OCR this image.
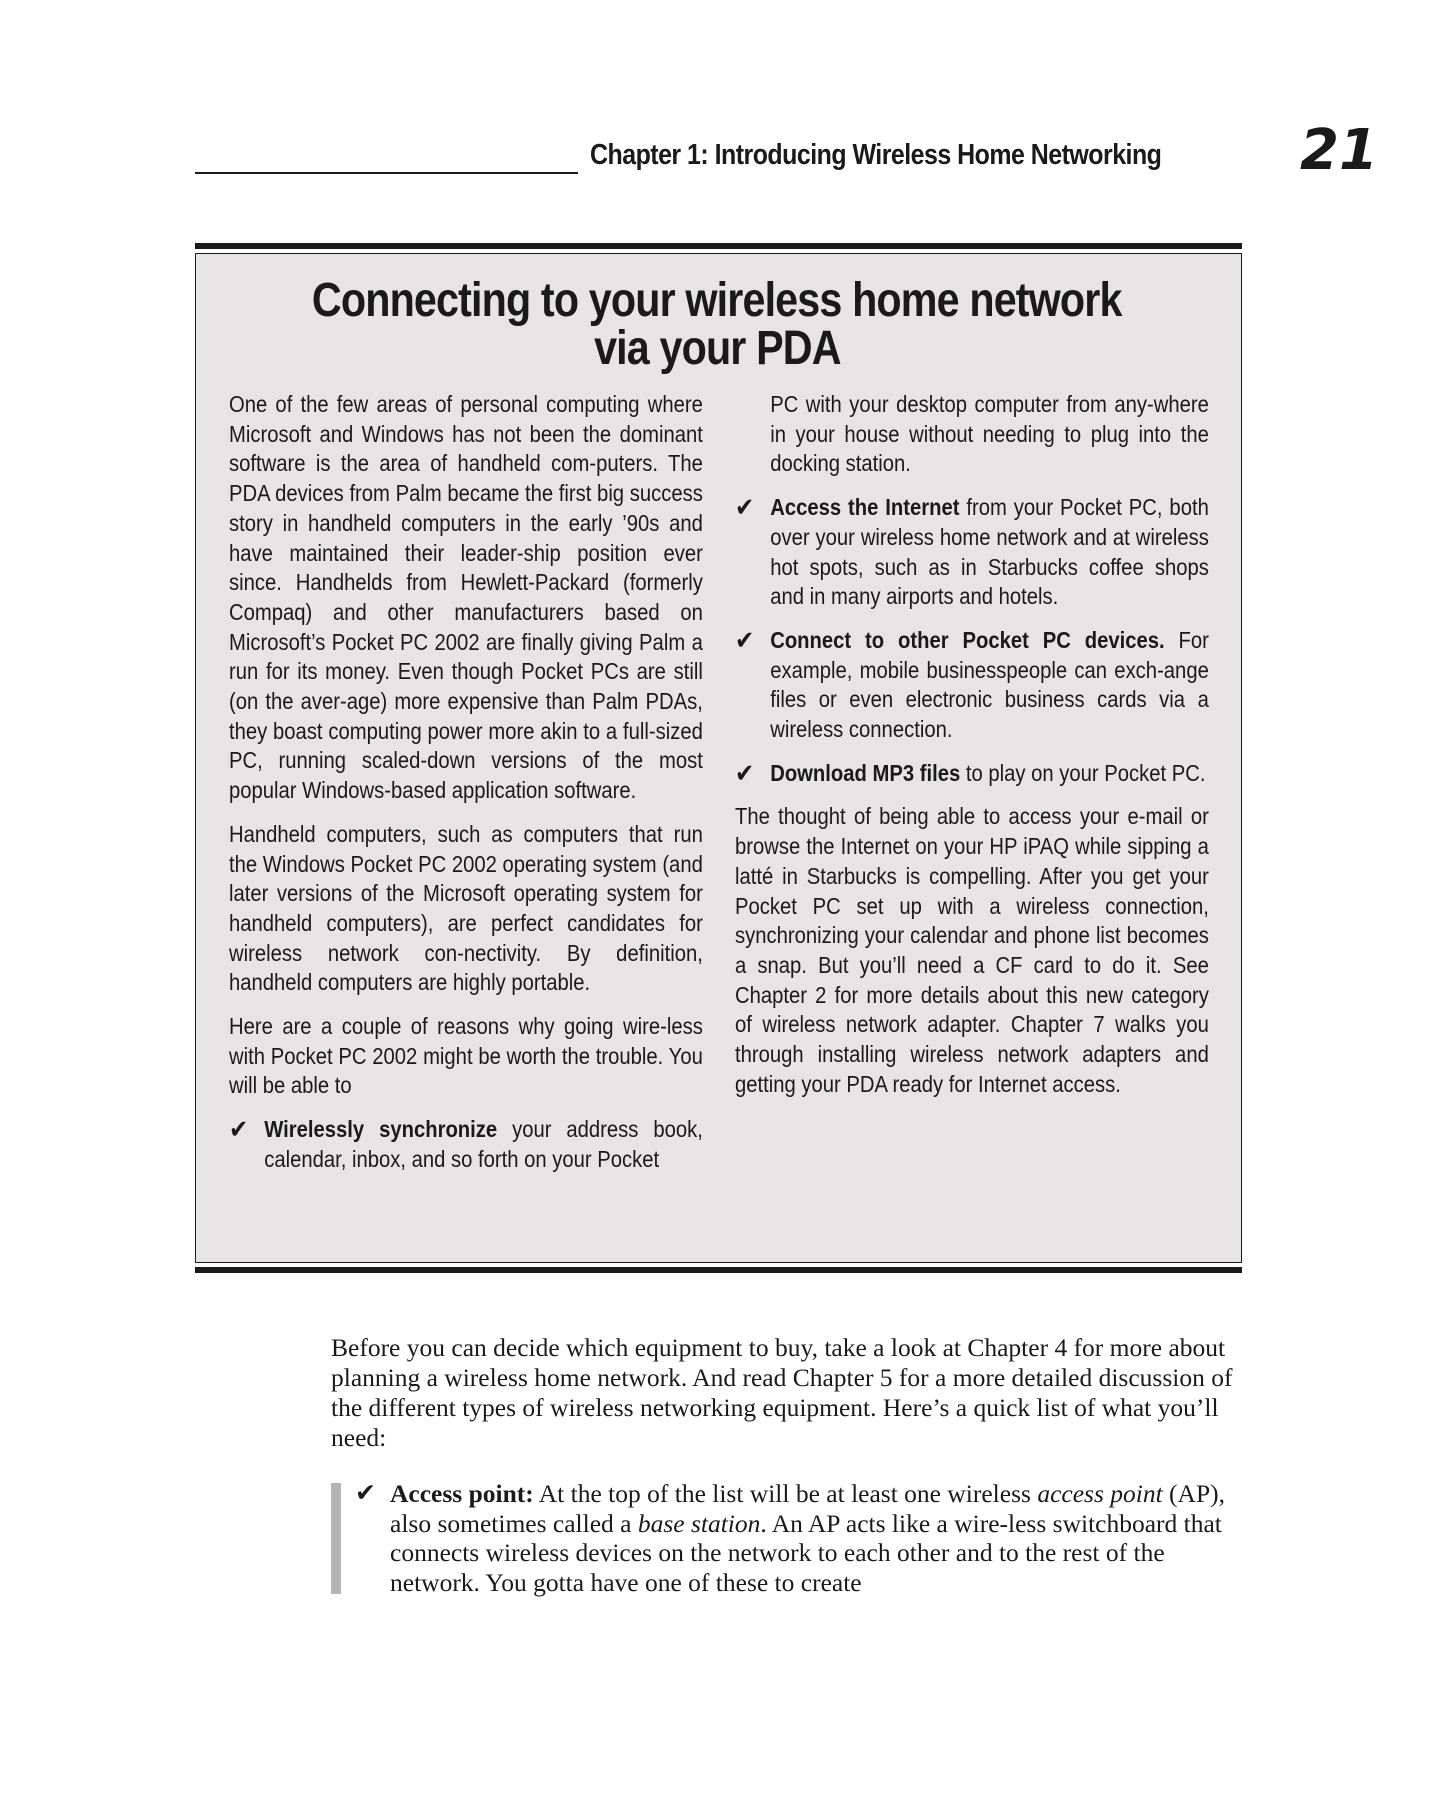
Chapter 1: Introducing Wireless Home Networking 21
Connecting to your wireless home network
via your PDA

One of the few areas of personal computing where Microsoft and Windows has not been the dominant software is the area of handheld com-puters. The PDA devices from Palm became the first big success story in handheld computers in the early ’90s and have maintained their leader-ship position ever since. Handhelds from Hewlett-Packard (formerly Compaq) and other manufacturers based on Microsoft’s Pocket PC 2002 are finally giving Palm a run for its money. Even though Pocket PCs are still (on the aver-age) more expensive than Palm PDAs, they boast computing power more akin to a full-sized PC, running scaled-down versions of the most popular Windows-based application software.

Handheld computers, such as computers that run the Windows Pocket PC 2002 operating system (and later versions of the Microsoft operating system for handheld computers), are perfect candidates for wireless network con-nectivity. By definition, handheld computers are highly portable.

Here are a couple of reasons why going wire-less with Pocket PC 2002 might be worth the trouble. You will be able to

✔ Wirelessly synchronize your address book, calendar, inbox, and so forth on your Pocket

PC with your desktop computer from any-where in your house without needing to plug into the docking station.

✔ Access the Internet from your Pocket PC, both over your wireless home network and at wireless hot spots, such as in Starbucks coffee shops and in many airports and hotels.
✔ Connect to other Pocket PC devices. For example, mobile businesspeople can exch-ange files or even electronic business cards via a wireless connection.
✔ Download MP3 files to play on your Pocket PC.

The thought of being able to access your e-mail or browse the Internet on your HP iPAQ while sipping a latté in Starbucks is compelling. After you get your Pocket PC set up with a wireless connection, synchronizing your calendar and phone list becomes a snap. But you’ll need a CF card to do it. See Chapter 2 for more details about this new category of wireless network adapter. Chapter 7 walks you through installing wireless network adapters and getting your PDA ready for Internet access.

Before you can decide which equipment to buy, take a look at Chapter 4 for more about planning a wireless home network. And read Chapter 5 for a more detailed discussion of the different types of wireless networking equipment. Here’s a quick list of what you’ll need:

✔ Access point: At the top of the list will be at least one wireless access point (AP), also sometimes called a base station. An AP acts like a wire-less switchboard that connects wireless devices on the network to each other and to the rest of the network. You gotta have one of these to create
